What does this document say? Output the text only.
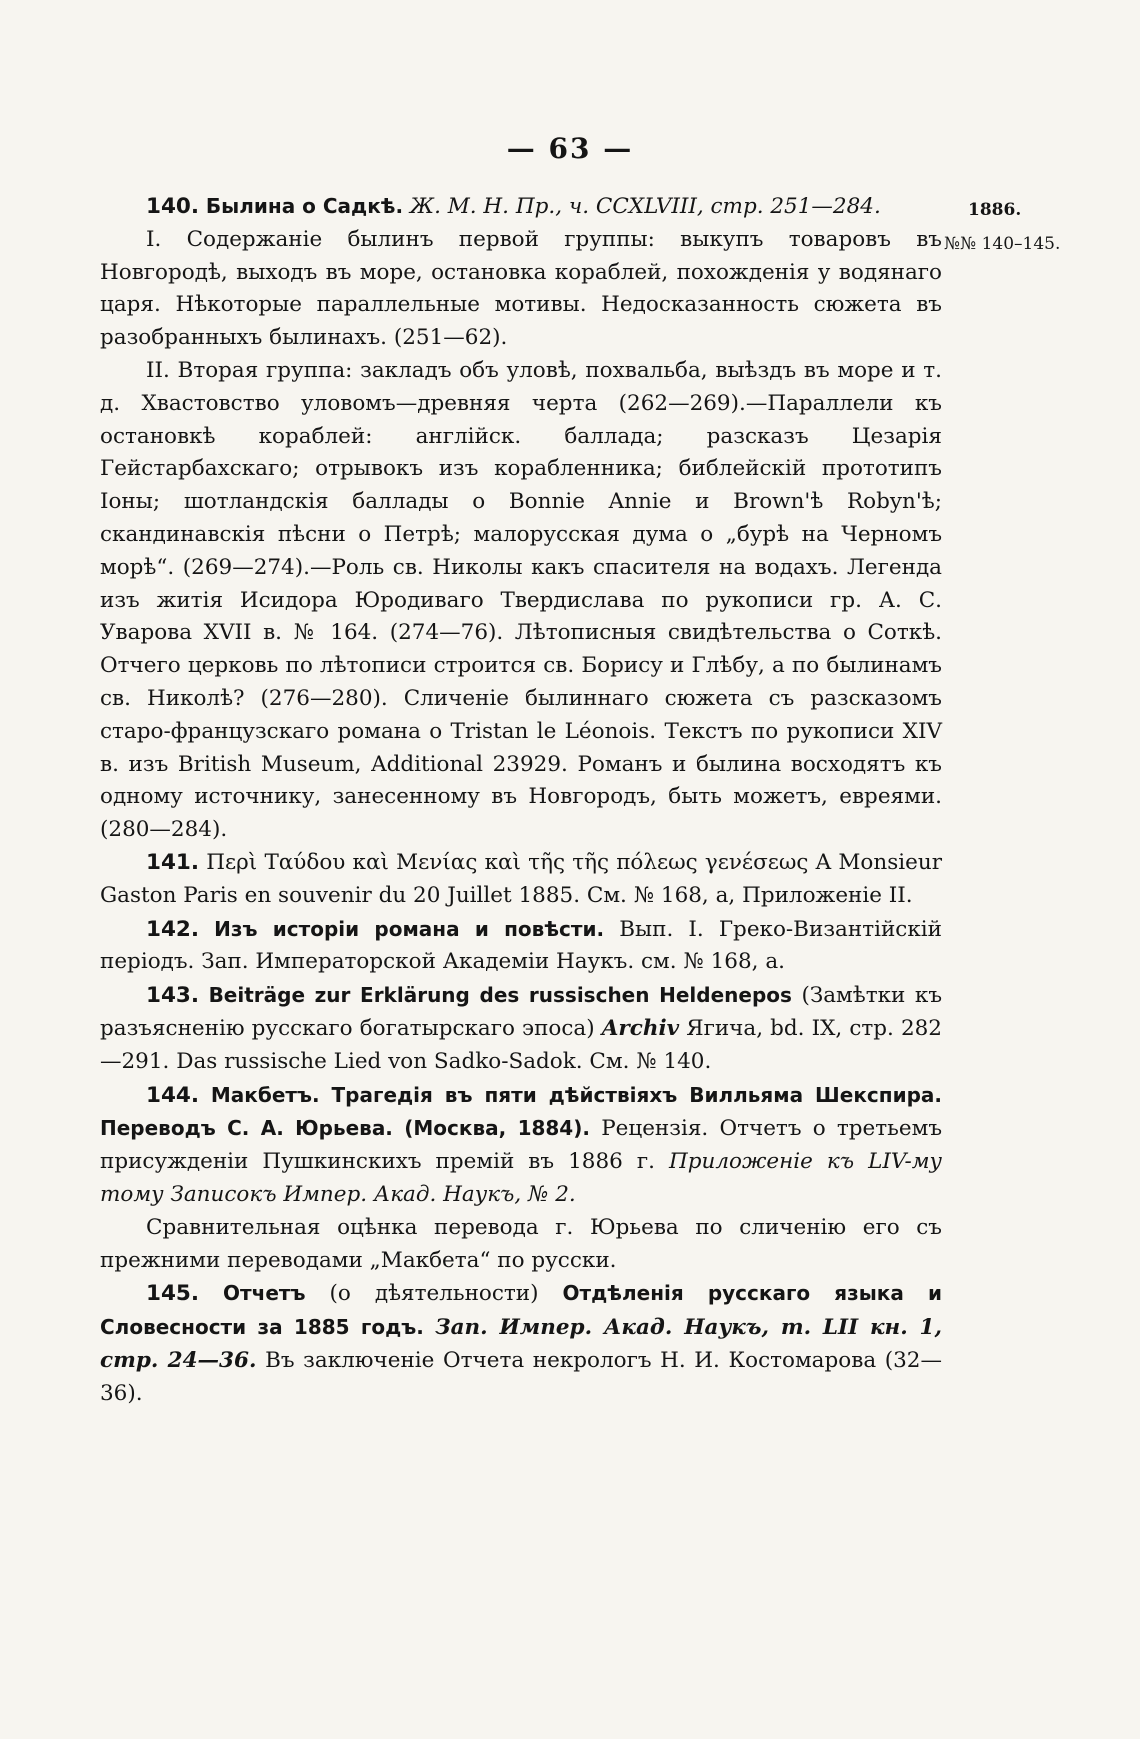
— 63 —
1886.
№№ 140–145.

140. Былина о Садкѣ. Ж. М. Н. Пр., ч. CCXLVIII, стр. 251—284.

I. Содержаніе былинъ первой группы: выкупъ товаровъ въ Новгородѣ, выходъ въ море, остановка кораблей, похожденія у водянаго царя. Нѣкоторые параллельные мотивы. Недосказанность сюжета въ разобранныхъ былинахъ. (251—62).

II. Вторая группа: закладъ объ уловѣ, похвальба, выѣздъ въ море и т. д. Хвастовство уловомъ—древняя черта (262—269).—Параллели къ остановкѣ кораблей: англійск. баллада; разсказъ Цезарія Гейстарбахскаго; отрывокъ изъ корабленника; библейскій прототипъ Іоны; шотландскія баллады о Bonnie Annie и Brown'ѣ Robyn'ѣ; скандинавскія пѣсни о Петрѣ; малорусская дума о „бурѣ на Черномъ морѣ“. (269—274).—Роль св. Николы какъ спасителя на водахъ. Легенда изъ житія Исидора Юродиваго Твердислава по рукописи гр. А. С. Уварова XVII в. № 164. (274—76). Лѣтописныя свидѣтельства о Соткѣ. Отчего церковь по лѣтописи строится св. Борису и Глѣбу, а по былинамъ св. Николѣ? (276—280). Сличеніе былиннаго сюжета съ разсказомъ старо-французскаго романа о Tristan le Léonois. Текстъ по рукописи XIV в. изъ British Museum, Additional 23929. Романъ и былина восходятъ къ одному источнику, занесенному въ Новгородъ, быть можетъ, евреями. (280—284).

141. Περὶ Ταύδου καὶ Μενίας καὶ τῆς τῆς πόλεως γενέσεως A Monsieur Gaston Paris en souvenir du 20 Juillet 1885. См. № 168, a, Приложеніе II.

142. Изъ исторіи романа и повѣсти. Вып. I. Греко-Византійскій періодъ. Зап. Императорской Академіи Наукъ. см. № 168, а.

143. Beiträge zur Erklärung des russischen Heldenepos (Замѣтки къ разъясненію русскаго богатырскаго эпоса) Archiv Ягича, bd. IX, стр. 282—291. Das russische Lied von Sadko-Sadok. См. № 140.

144. Макбетъ. Трагедія въ пяти дѣйствіяхъ Вилльяма Шекспира. Переводъ С. А. Юрьева. (Москва, 1884). Рецензія. Отчетъ о третьемъ присужденіи Пушкинскихъ премій въ 1886 г. Приложеніе къ LIV-му тому Записокъ Импер. Акад. Наукъ, № 2.

Сравнительная оцѣнка перевода г. Юрьева по сличенію его съ прежними переводами „Макбета“ по русски.

145. Отчетъ (о дѣятельности) Отдѣленія русскаго языка и Словесности за 1885 годъ. Зап. Импер. Акад. Наукъ, т. LII кн. 1, стр. 24—36. Въ заключеніе Отчета некрологъ Н. И. Костомарова (32—36).
